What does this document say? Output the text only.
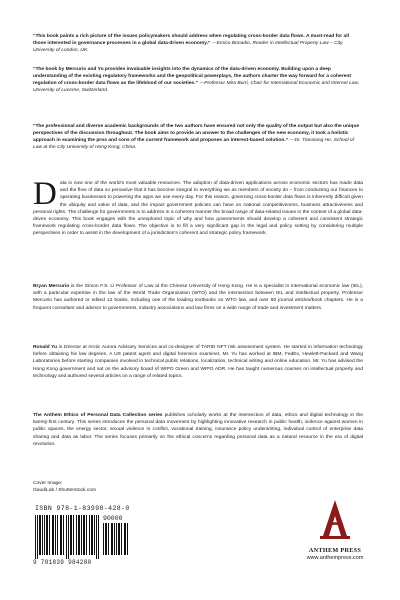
“This book paints a rich picture of the issues policymakers should address when regulating cross-border data flows. A must-read for all those interested in governance processes in a global data-driven economy.” —Enrico Bonadio, Reader in Intellectual Property Law – City, University of London, UK.

“The book by Mercurio and Yu provides invaluable insights into the dynamics of the data-driven economy. Building upon a deep understanding of the existing regulatory frameworks and the geopolitical powerplays, the authors charter the way forward for a coherent regulation of cross-border data flows as the lifeblood of our societies.” —Professor Mira Burri, Chair for International Economic and Internet Law, University of Lucerne, Switzerland.

“The professional and diverse academic backgrounds of the two authors have ensured not only the quality of the output but also the unique perspectives of the discussion throughout. The book aims to provide an answer to the challenges of the new economy, it took a holistic approach in examining the pros and cons of the current framework and proposes an interest-based solution.” —Dr. Tianxiang He, School of Law at the City University of Hong Kong, China.

D ata is now one of the world’s most valuable resources. The adoption of data-driven applications across economic sectors has made data and the flow of data so pervasive that it has become integral to everything we as members of society do – from conducting our finances to operating businesses to powering the apps we use every day. For this reason, governing cross-border data flows is inherently difficult given the ubiquity and value of data, and the impact government policies can have on national competitiveness, business attractiveness and personal rights. The challenge for governments is to address in a coherent manner the broad range of data-related issues in the context of a global data-driven economy. This book engages with the unexplored topic of why and how governments should develop a coherent and consistent strategic framework regulating cross-border data flows. The objective is to fill a very significant gap in the legal and policy setting by considering multiple perspectives in order to assist in the development of a jurisdiction’s coherent and strategic policy framework.
Bryan Mercurio is the Simon F.S. Li Professor of Law at the Chinese University of Hong Kong. He is a specialist in international economic law (IEL), with a particular expertise in the law of the World Trade Organization (WTO) and the intersection between IEL and intellectual property. Professor Mercurio has authored or edited 12 books, including one of the leading textbooks on WTO law, and over 80 journal articles/book chapters. He is a frequent consultant and advisor to governments, industry associations and law firms on a wide range of trade and investment matters.
Ronald Yu is Director at Arctic Aurora Advisory Services and co-designer of TARID NFT risk assessment system. He started in information technology before obtaining his law degrees. A US patent agent and digital forensics examiner, Mr. Yu has worked at IBM, FedEx, Hewlett-Packard and Wang Laboratories before starting companies involved in technical public relations, localization, technical writing and online education. Mr. Yu has advised the Hong Kong government and sat on the advisory board of WIPO Green and WIPO ADR. He has taught numerous courses on intellectual property and technology and authored several articles on a range of related topics.
The Anthem Ethics of Personal Data Collection series publishes scholarly works at the intersection of data, ethics and digital technology in the twenty-first century. This series introduces the personal data movement by highlighting innovative research in public health, violence against women in public spaces, the energy sector, sexual violence in conflict, vocational training, insurance policy underwriting, individual control of enterprise data sharing and data as labor. The series focuses primarily on the ethical concerns regarding personal data as a natural resource in the era of digital revolution.
Cover Image:
GaudiLab / Shutterstock.com
ISBN 978-1-83998-428-0
90000
9 781839 984280
ANTHEM PRESS
www.anthempress.com
